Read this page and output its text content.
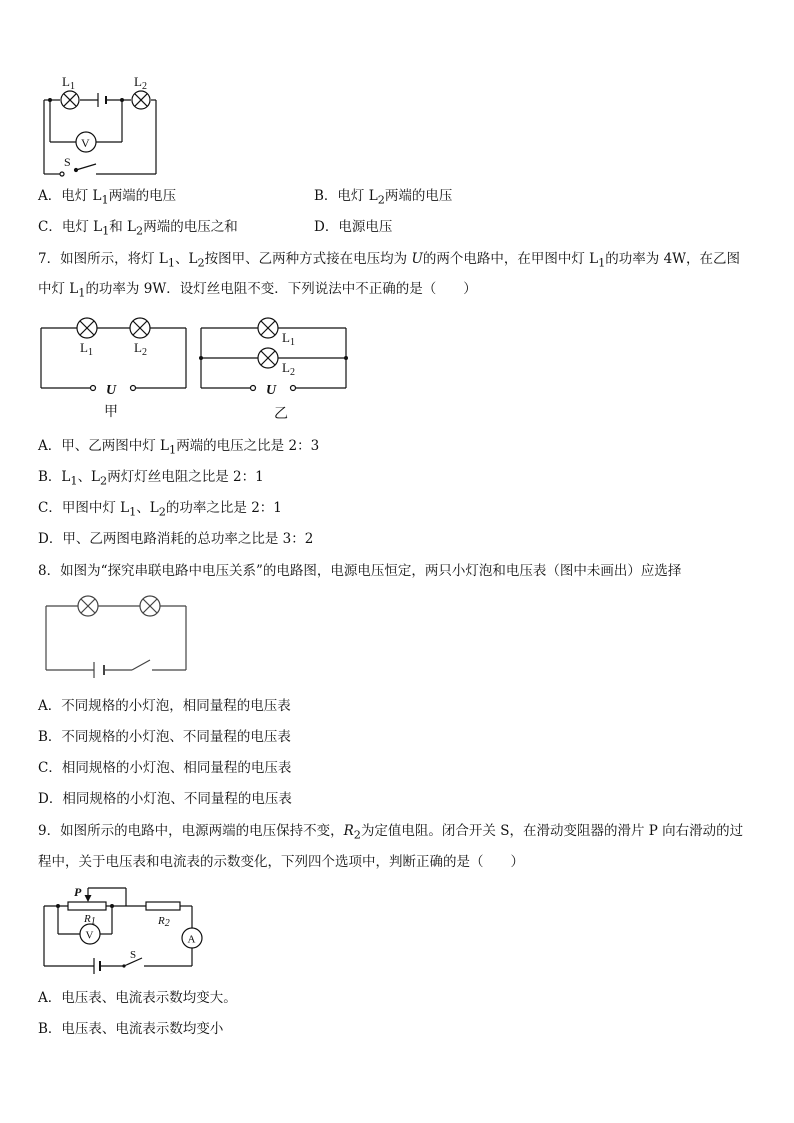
$L_1$	$L_2$
V
S
A．电灯 $L_1$两端的电压	B．电灯 $L_2$两端的电压
C．电灯 $L_1$和 $L_2$两端的电压之和	D．电源电压
7．如图所示，将灯 $L_1$、$L_2$按图甲、乙两种方式接在电压均为 U的两个电路中，在甲图中灯 $L_1$的功率为 4W，在乙图
中灯 $L_1$的功率为 9W．设灯丝电阻不变．下列说法中不正确的是（　　）
$L_1$	$L_2$
U
甲
$L_1$
$L_2$
U
乙
A．甲、乙两图中灯 $L_1$两端的电压之比是 2：3
B．$L_1$、$L_2$两灯灯丝电阻之比是 2：1
C．甲图中灯 $L_1$、$L_2$的功率之比是 2：1
D．甲、乙两图电路消耗的总功率之比是 3：2
8．如图为“探究串联电路中电压关系”的电路图，电源电压恒定，两只小灯泡和电压表（图中未画出）应选择
A．不同规格的小灯泡，相同量程的电压表
B．不同规格的小灯泡、不同量程的电压表
C．相同规格的小灯泡、相同量程的电压表
D．相同规格的小灯泡、不同量程的电压表
9．如图所示的电路中，电源两端的电压保持不变，$R_2$为定值电阻。闭合开关 S，在滑动变阻器的滑片 P 向右滑动的过
程中，关于电压表和电流表的示数变化，下列四个选项中，判断正确的是（　　）
P
R1	R2
V	A
S
A．电压表、电流表示数均变大。
B．电压表、电流表示数均变小
